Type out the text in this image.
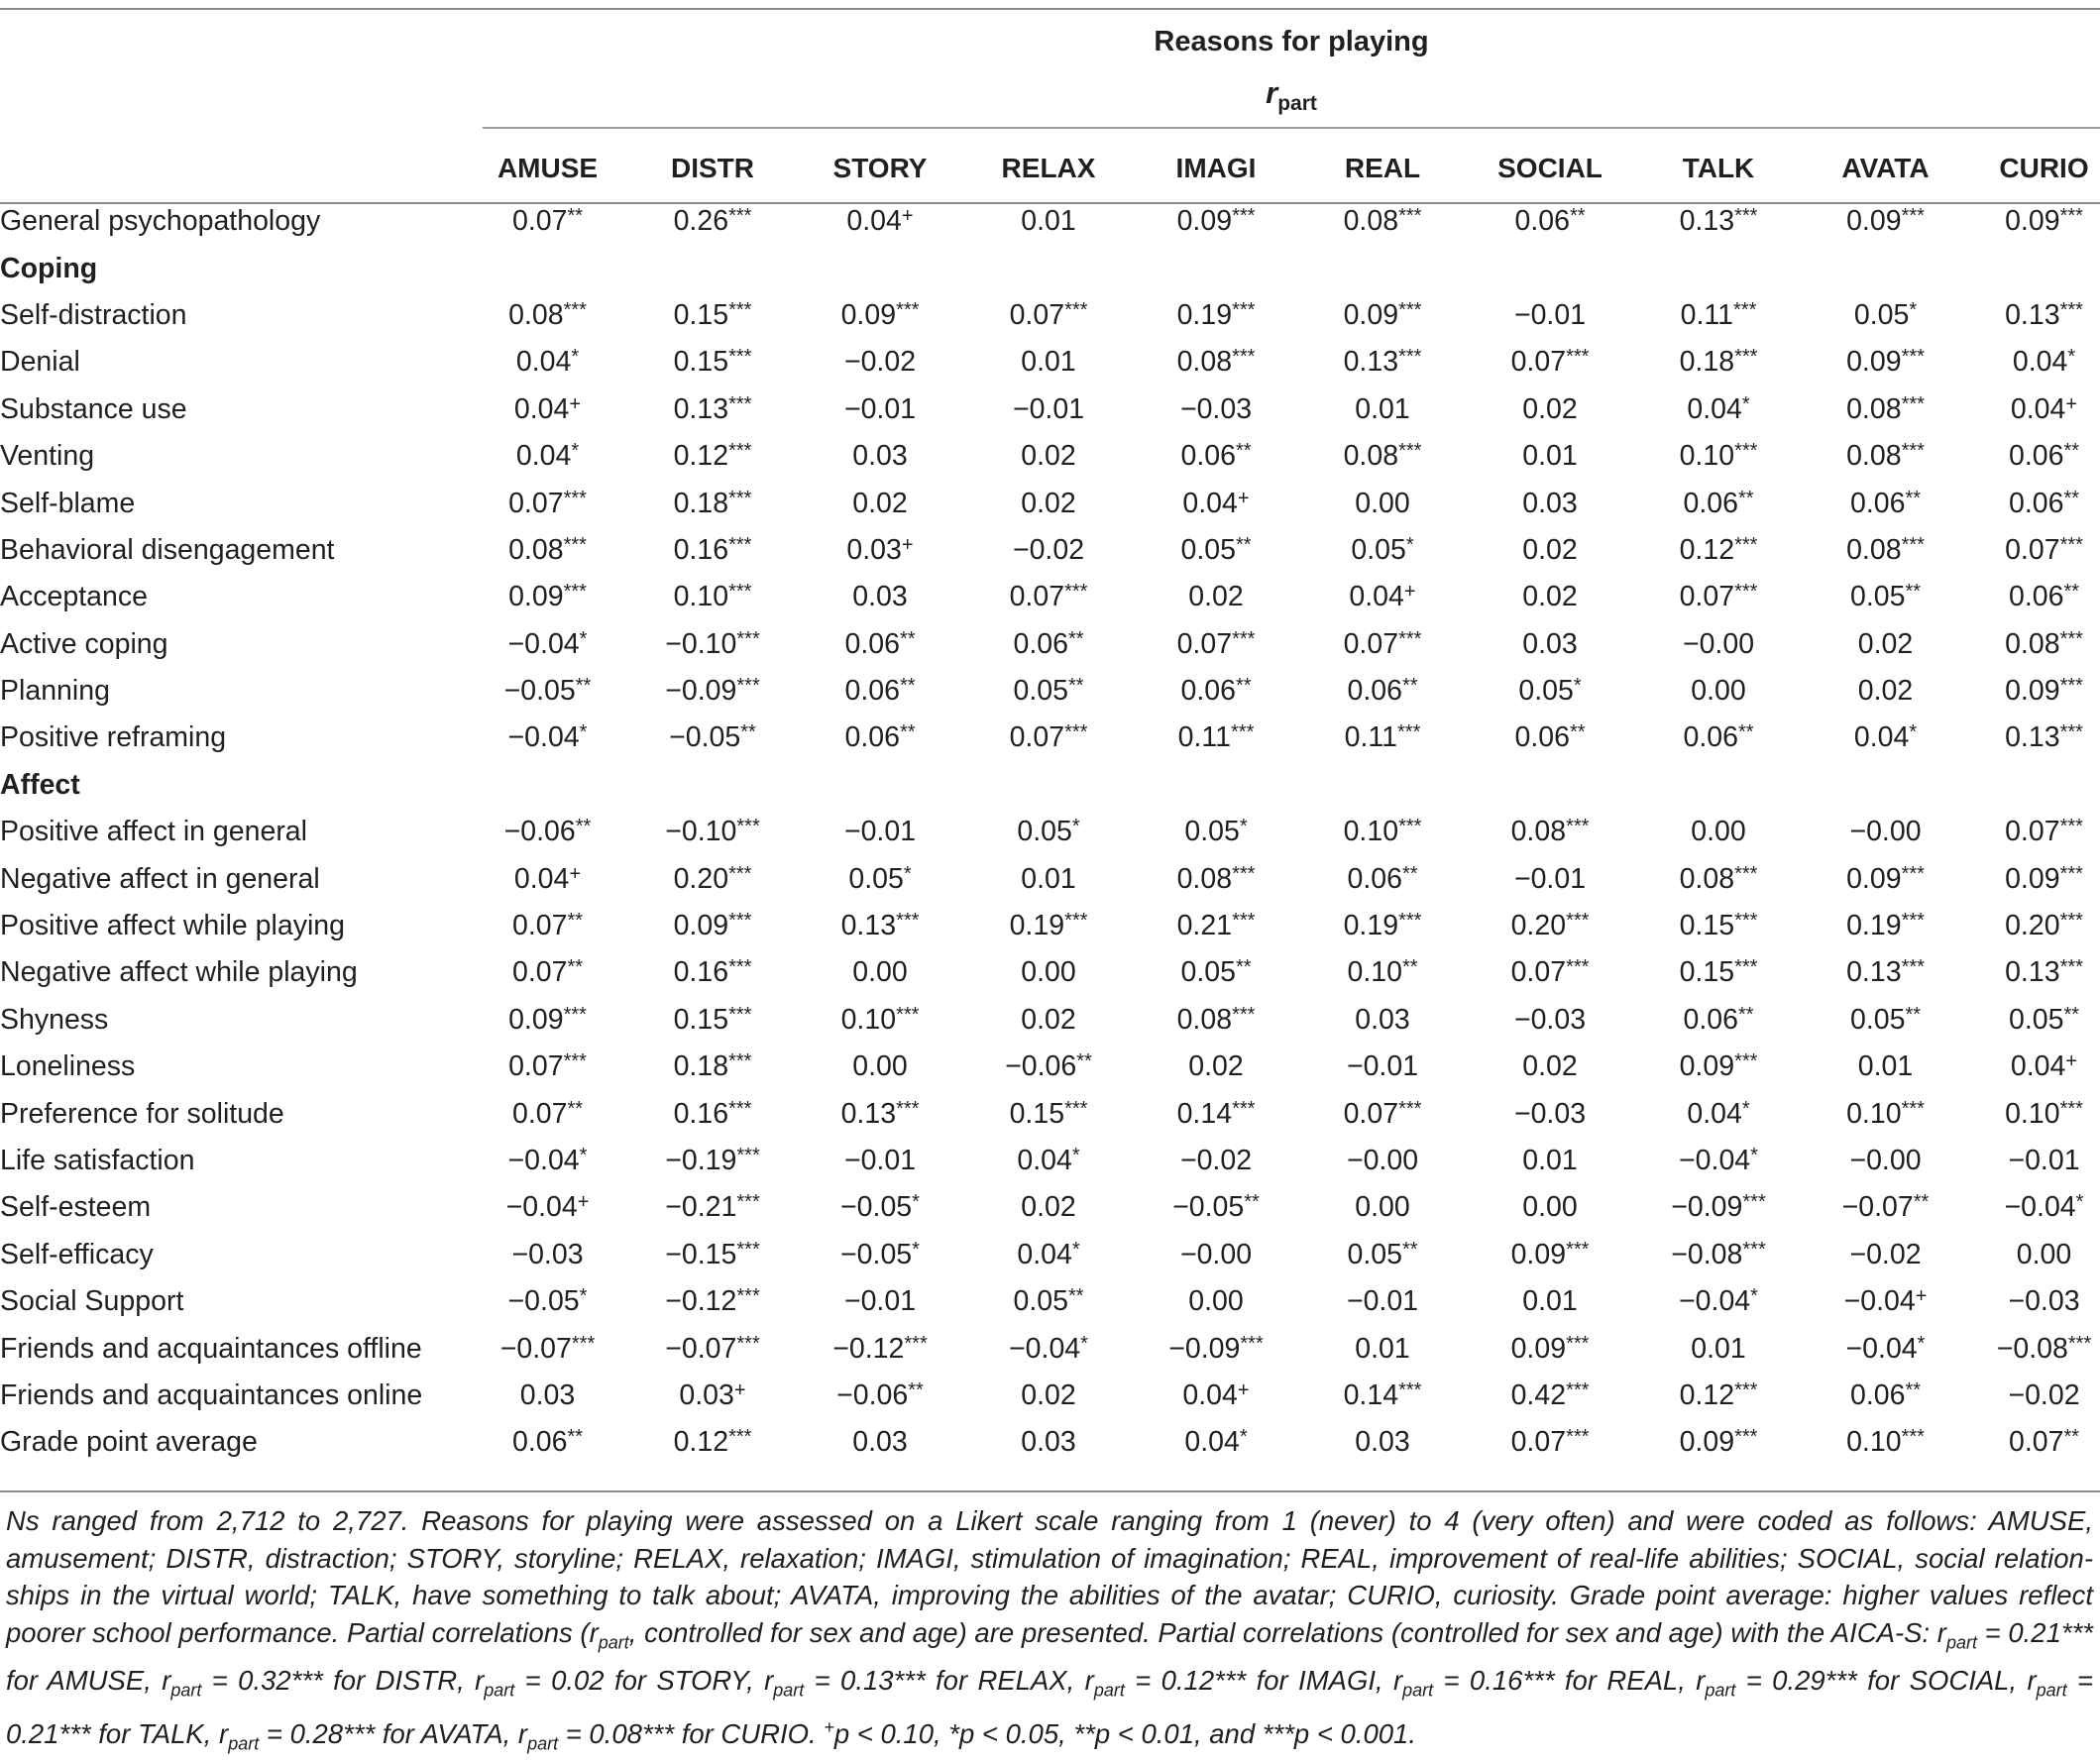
Reasons for playing
$r_{part}$
	AMUSE	DISTR	STORY	RELAX	IMAGI	REAL	SOCIAL	TALK	AVATA	CURIO
General psychopathology	0.07**	0.26***	0.04+	0.01	0.09***	0.08***	0.06**	0.13***	0.09***	0.09***
Coping										
Self-distraction	0.08***	0.15***	0.09***	0.07***	0.19***	0.09***	−0.01	0.11***	0.05*	0.13***
Denial	0.04*	0.15***	−0.02	0.01	0.08***	0.13***	0.07***	0.18***	0.09***	0.04*
Substance use	0.04+	0.13***	−0.01	−0.01	−0.03	0.01	0.02	0.04*	0.08***	0.04+
Venting	0.04*	0.12***	0.03	0.02	0.06**	0.08***	0.01	0.10***	0.08***	0.06**
Self-blame	0.07***	0.18***	0.02	0.02	0.04+	0.00	0.03	0.06**	0.06**	0.06**
Behavioral disengagement	0.08***	0.16***	0.03+	−0.02	0.05**	0.05*	0.02	0.12***	0.08***	0.07***
Acceptance	0.09***	0.10***	0.03	0.07***	0.02	0.04+	0.02	0.07***	0.05**	0.06**
Active coping	−0.04*	−0.10***	0.06**	0.06**	0.07***	0.07***	0.03	−0.00	0.02	0.08***
Planning	−0.05**	−0.09***	0.06**	0.05**	0.06**	0.06**	0.05*	0.00	0.02	0.09***
Positive reframing	−0.04*	−0.05**	0.06**	0.07***	0.11***	0.11***	0.06**	0.06**	0.04*	0.13***
Affect										
Positive affect in general	−0.06**	−0.10***	−0.01	0.05*	0.05*	0.10***	0.08***	0.00	−0.00	0.07***
Negative affect in general	0.04+	0.20***	0.05*	0.01	0.08***	0.06**	−0.01	0.08***	0.09***	0.09***
Positive affect while playing	0.07**	0.09***	0.13***	0.19***	0.21***	0.19***	0.20***	0.15***	0.19***	0.20***
Negative affect while playing	0.07**	0.16***	0.00	0.00	0.05**	0.10**	0.07***	0.15***	0.13***	0.13***
Shyness	0.09***	0.15***	0.10***	0.02	0.08***	0.03	−0.03	0.06**	0.05**	0.05**
Loneliness	0.07***	0.18***	0.00	−0.06**	0.02	−0.01	0.02	0.09***	0.01	0.04+
Preference for solitude	0.07**	0.16***	0.13***	0.15***	0.14***	0.07***	−0.03	0.04*	0.10***	0.10***
Life satisfaction	−0.04*	−0.19***	−0.01	0.04*	−0.02	−0.00	0.01	−0.04*	−0.00	−0.01
Self-esteem	−0.04+	−0.21***	−0.05*	0.02	−0.05**	0.00	0.00	−0.09***	−0.07**	−0.04*
Self-efficacy	−0.03	−0.15***	−0.05*	0.04*	−0.00	0.05**	0.09***	−0.08***	−0.02	0.00
Social Support	−0.05*	−0.12***	−0.01	0.05**	0.00	−0.01	0.01	−0.04*	−0.04+	−0.03
Friends and acquaintances offline	−0.07***	−0.07***	−0.12***	−0.04*	−0.09***	0.01	0.09***	0.01	−0.04*	−0.08***
Friends and acquaintances online	0.03	0.03+	−0.06**	0.02	0.04+	0.14***	0.42***	0.12***	0.06**	−0.02
Grade point average	0.06**	0.12***	0.03	0.03	0.04*	0.03	0.07***	0.09***	0.10***	0.07**
Ns ranged from 2,712 to 2,727. Reasons for playing were assessed on a Likert scale ranging from 1 (never) to 4 (very often) and were coded as follows: AMUSE, amusement; DISTR, distraction; STORY, storyline; RELAX, relaxation; IMAGI, stimulation of imagination; REAL, improvement of real-life abilities; SOCIAL, social relation-ships in the virtual world; TALK, have something to talk about; AVATA, improving the abilities of the avatar; CURIO, curiosity. Grade point average: higher values reflect poorer school performance. Partial correlations ($r_{part}$, controlled for sex and age) are presented. Partial correlations (controlled for sex and age) with the AICA-S: $r_{part} = 0.21***$ for AMUSE, $r_{part} = 0.32***$ for DISTR, $r_{part} = 0.02$ for STORY, $r_{part} = 0.13***$ for RELAX, $r_{part} = 0.12***$ for IMAGI, $r_{part} = 0.16***$ for REAL, $r_{part} = 0.29***$ for SOCIAL, $r_{part} = 0.21***$ for TALK, $r_{part} = 0.28***$ for AVATA, $r_{part} = 0.08***$ for CURIO. +p < 0.10, *p < 0.05, **p < 0.01, and ***p < 0.001.
